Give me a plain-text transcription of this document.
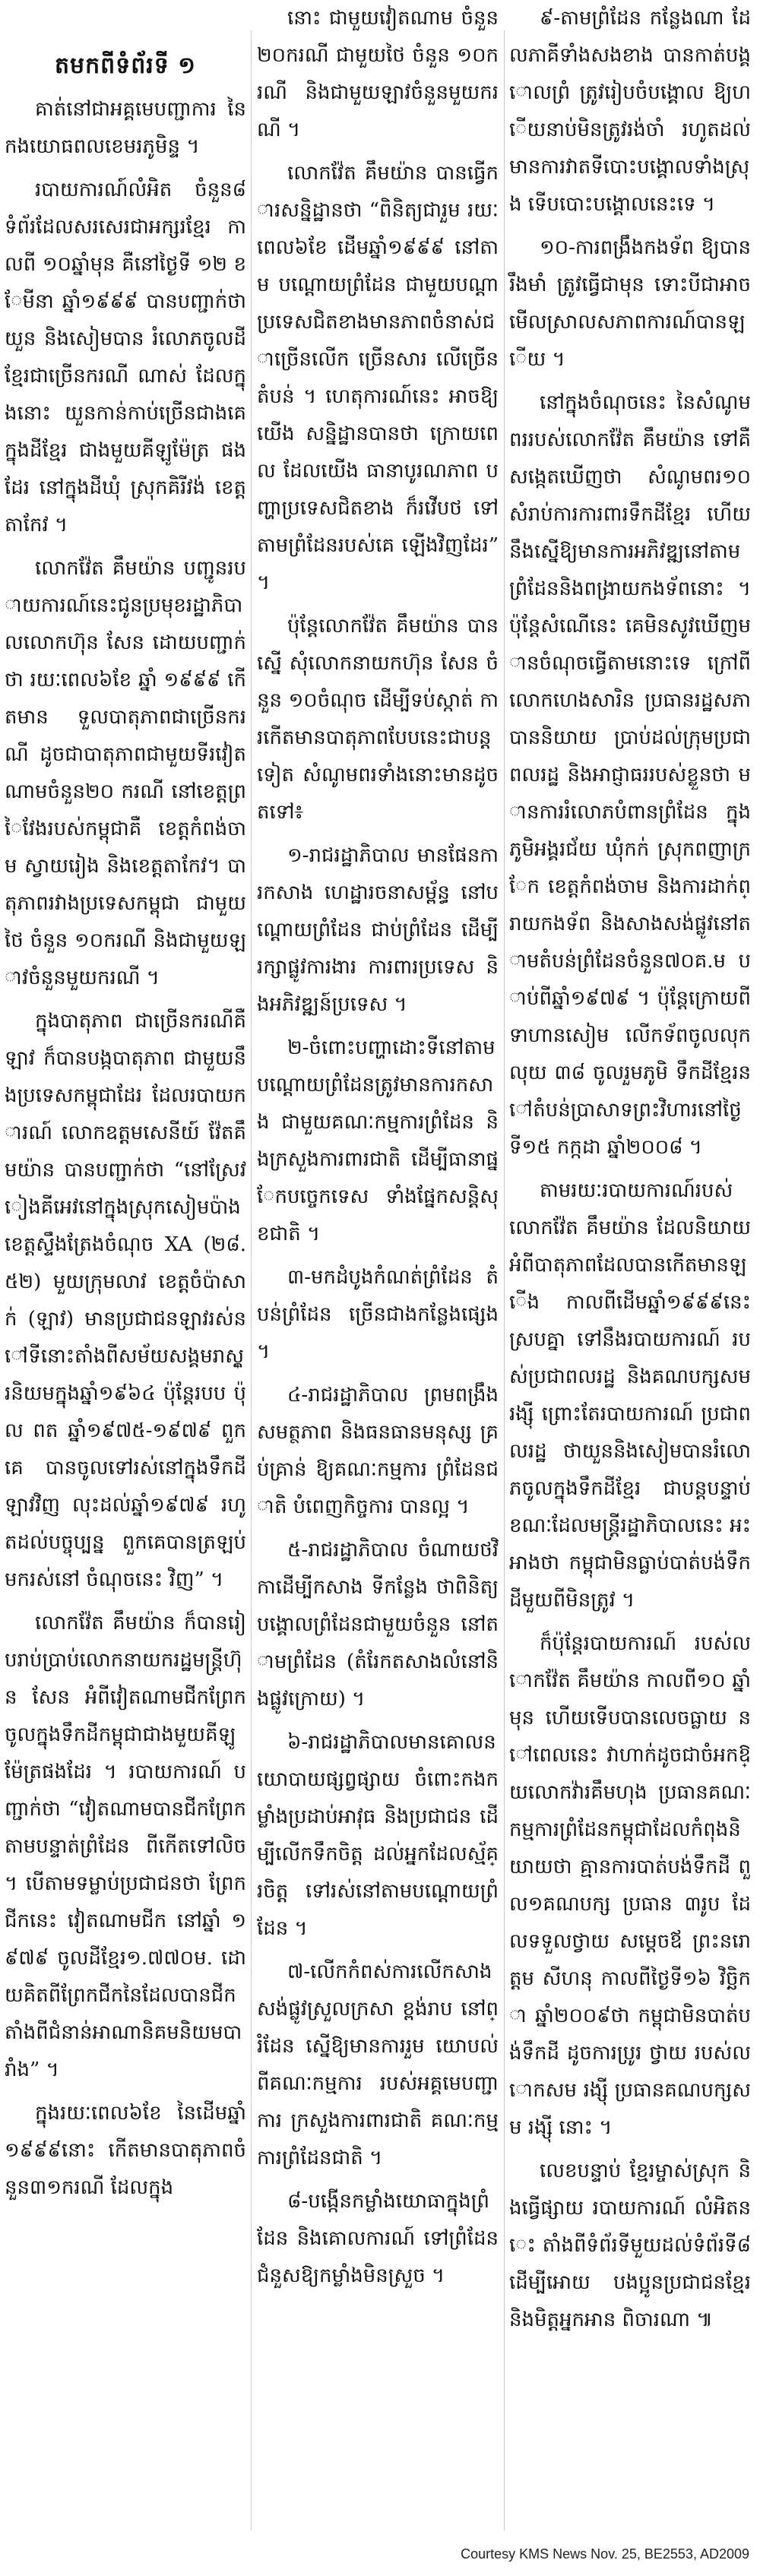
តមកពីទំព័រទី ១

គាត់នៅជាអគ្គមេបញ្ជាការ នៃកងយោធពលខេមរភូមិន្ទ ។

របាយការណ៍លំអិត ចំនួន៨ ទំព័រដែលសរសេរជាអក្សរខ្មែរ កាលពី ១០ឆ្នាំមុន គឺនៅថ្ងៃទី ១២ ខែមីនា ឆ្នាំ១៩៩៩ បានបញ្ជាក់ថា យួន និងសៀមបាន រំលោភចូលដីខ្មែរជាច្រើនករណី ណាស់ ដែលក្នុងនោះ យួនកាន់កាប់ច្រើនជាងគេក្នុងដីខ្មែរ ជាងមួយគីឡូម៉ែត្រ ផងដែរ នៅក្នុងដីឃុំ ស្រុកគិរីវង់ ខេត្តតាកែវ ។

លោកវ៉ែត គឹមយ៉ាន បញ្ជូនរបាយការណ៍នេះជូនប្រមុខរដ្ឋាភិបាលលោកហ៊ុន សែន ដោយបញ្ជាក់ថា រយៈពេល៦ខែ ឆ្នាំ ១៩៩៩ កើតមាន ទួលបាតុភាពជាច្រើនករណី ដូចជាបាតុភាពជាមួយទីរវៀតណាមចំនួន២០ ករណី នៅខេត្តព្រៃវែងរបស់កម្ពុជាគឺ ខេត្តកំពង់ចាម ស្វាយរៀង និងខេត្តតាកែវ។ បាតុភាពរវាងប្រទេសកម្ពុជា ជាមួយថៃ ចំនួន ១០ករណី និងជាមួយឡាវចំនួនមួយករណី ។

ក្នុងបាតុភាព ជាច្រើនករណីគឺឡាវ ក៏បានបង្កបាតុភាព ជាមួយនឹងប្រទេសកម្ពុជាដែរ ដែលរបាយការណ៍ លោកឧត្តមសេនីយ៍ វ៉ែតគឹមយ៉ាន បានបញ្ជាក់ថា “នៅស្រែវៀងគីអេវនៅក្នុងស្រុកសៀមប៉ាង ខេត្តស្ទឹងត្រែងចំណុច XA (២៨.៥២) មួយក្រុមលាវ ខេត្តចំប៉ាសាក់ (ឡាវ) មានប្រជាជនឡាវរស់នៅទីនោះតាំងពីសម័យសង្គមរាស្ត្រនិយមក្នុងឆ្នាំ១៩៦៤ ប៉ុន្តែរបប ប៉ុល ពត ឆ្នាំ១៩៧៥-១៩៧៩ ពួកគេ បានចូលទៅរស់នៅក្នុងទឹកដីឡាវវិញ លុះដល់ឆ្នាំ១៩៧៩ រហូតដល់បច្ចុប្បន្ន ពួកគេបានត្រឡប់ មករស់នៅ ចំណុចនេះ វិញ” ។

លោកវ៉ែត គឹមយ៉ាន ក៏បានរៀបរាប់ប្រាប់លោកនាយករដ្ឋមន្ត្រីហ៊ុន សែន អំពីវៀតណាមជីកព្រែក ចូលក្នុងទឹកដីកម្ពុជាជាងមួយគីឡូម៉ែត្រផងដែរ ។ របាយការណ៍ បញ្ជាក់ថា “វៀតណាមបានជីកព្រែកតាមបន្ទាត់ព្រំដែន ពីកើតទៅលិច ។ បើតាមទម្លាប់ប្រជាជនថា ព្រែកជីកនេះ វៀតណាមជីក នៅឆ្នាំ ១៩៧៩ ចូលដីខ្មែរ១.៧៧០ម. ដោយគិតពីព្រែកជីកនៃដែលបានជីកតាំងពីជំនាន់អាណានិគមនិយមបារាំង” ។

ក្នុងរយៈពេល៦ខែ នៃដើមឆ្នាំ១៩៩៩នោះ កើតមានបាតុភាពចំនួន៣១ករណី ដែលក្នុង

នោះ ជាមួយវៀតណាម ចំនួន ២០ករណី ជាមួយថៃ ចំនួន ១០ករណី និងជាមួយឡាវចំនួនមួយករណី ។

លោកវ៉ែត គឹមយ៉ាន បានធ្វើការសន្និដ្ឋានថា “ពិនិត្យជារួម រយៈពេល៦ខែ ដើមឆ្នាំ១៩៩៩ នៅតាម បណ្តោយព្រំដែន ជាមួយបណ្តាប្រទេសជិតខាងមានភាពចំនាស់ជាច្រើនលើក ច្រើនសារ លើច្រើនតំបន់ ។ ហេតុការណ៍នេះ អាចឱ្យយើង សន្និដ្ឋានបានថា ក្រោយពេល ដែលយើង ធានាបូរណភាព បញ្ហាប្រទេសជិតខាង ក៏រវើបថ ទៅ តាមព្រំដែនរបស់គេ ឡើងវិញដែរ” ។

ប៉ុន្តែលោកវ៉ែត គឹមយ៉ាន បានស្នើ សុំលោកនាយកហ៊ុន សែន ចំនួន ១០ចំណុច ដើម្បីទប់ស្កាត់ ការកើតមានបាតុភាពបែបនេះជាបន្តទៀត សំណូមពរទាំងនោះមានដូចតទៅ៖

១-រាជរដ្ឋាភិបាល មានផែនការកសាង ហេដ្ឋារចនាសម្ព័ន្ធ នៅបណ្តោយព្រំដែន ជាប់ព្រំដែន ដើម្បីរក្សាផ្លូវការងារ ការពារប្រទេស និងអភិវឌ្ឍន៍ប្រទេស ។

២-ចំពោះបញ្ហាដោះទីនៅតាមបណ្តោយព្រំដែនត្រូវមានការកសាង ជាមួយគណៈកម្មការព្រំដែន និងក្រសួងការពារជាតិ ដើម្បីធានាផ្នែកបច្ចេកទេស ទាំងផ្នែកសន្តិសុខជាតិ ។

៣-មកដំបូងកំណត់ព្រំដែន តំបន់ព្រំដែន ច្រើនជាងកន្លែងផ្សេង ។

៤-រាជរដ្ឋាភិបាល ព្រមពង្រឹងសមត្ថភាព និងធនធានមនុស្ស គ្រប់គ្រាន់ ឱ្យគណៈកម្មការ ព្រំដែនជាតិ បំពេញកិច្ចការ បានល្អ ។

៥-រាជរដ្ឋាភិបាល ចំណាយថវិកាដើម្បីកសាង ទីកន្លែង ថាពិនិត្យ បង្គោលព្រំដែនជាមួយចំនួន នៅតាមព្រំដែន (តំរែកតសាងលំនៅនិងផ្លូវក្រោយ) ។

៦-រាជរដ្ឋាភិបាលមានគោលនយោបាយផ្សព្វផ្សាយ ចំពោះកងកម្លាំងប្រដាប់អាវុធ និងប្រជាជន ដើម្បីលើកទឹកចិត្ត ដល់អ្នកដែលស្ម័គ្រចិត្ត ទៅរស់នៅតាមបណ្តោយព្រំដែន ។

៧-លើកកំពស់ការលើកសាងសង់ផ្លូវស្រួលក្រសា ខ្ពង់រាប នៅព្រំដែន ស្នើឱ្យមានការរួម យោបល់ពីគណៈកម្មការ របស់អគ្គមេបញ្ជាការ ក្រសួងការពារជាតិ គណៈកម្មការព្រំដែនជាតិ ។

៨-បង្កើនកម្លាំងយោធាក្នុងព្រំដែន និងគោលការណ៍ ទៅព្រំដែន ជំនួសឱ្យកម្លាំងមិនស្រួច ។

៩-តាមព្រំដែន កន្លែងណា ដែលភាគីទាំងសងខាង បានកាត់បង្គោលព្រំ ត្រូវរៀបចំបង្គោល ឱ្យហើយនាប់មិនត្រូវរង់ចាំ រហូតដល់មានការវាតទីបោះបង្គោលទាំងស្រុង ទើបបោះបង្គោលនេះទេ ។

១០-ការពង្រឹងកងទ័ព ឱ្យបានរឹងមាំ ត្រូវធ្វើជាមុន ទោះបីជាអាចមើលស្រាលសភាពការណ៍បានឡើយ ។

នៅក្នុងចំណុចនេះ នៃសំណូមពររបស់លោកវ៉ែត គឹមយ៉ាន ទៅគឺសង្កេតឃើញថា សំណូមពរ១០ សំរាប់ការការពារទឹកដីខ្មែរ ហើយនឹងស្នើឱ្យមានការអភិវឌ្ឍនៅតាមព្រំដែននិងពង្រាយកងទ័ពនោះ ។ ប៉ុន្តែសំណើនេះ គេមិនសូវឃើញមានចំណុចធ្វើតាមនោះទេ ក្រៅពីលោកហេងសារិន ប្រធានរដ្ឋសភា បាននិយាយ ប្រាប់ដល់ក្រុមប្រជាពលរដ្ឋ និងអាជ្ញាធររបស់ខ្លួនថា មានការរំលោភបំពានព្រំដែន ក្នុងភូមិអង្គរជ័យ ឃុំកក់ ស្រុកពញាក្រែក ខេត្តកំពង់ចាម និងការដាក់ព្រាយកងទ័ព និងសាងសង់ផ្លូវនៅតាមតំបន់ព្រំដែនចំនួន៧០គ.ម បាប់ពីឆ្នាំ១៩៧៩ ។ ប៉ុន្តែក្រោយពីទាហានសៀម លើកទ័ពចូលលុកលុយ ៣៨ ចូលរួមភូមិ ទឹកដីខ្មែរនៅតំបន់ប្រាសាទព្រះវិហារនៅថ្ងៃទី១៥ កក្កដា ឆ្នាំ២០០៨ ។

តាមរយៈរបាយការណ៍របស់លោកវ៉ែត គឹមយ៉ាន ដែលនិយាយ អំពីបាតុភាពដែលបានកើតមានឡើង កាលពីដើមឆ្នាំ១៩៩៩នេះ ស្របគ្នា ទៅនឹងរបាយការណ៍ របស់ប្រជាពលរដ្ឋ និងគណបក្សសម រង្ស៊ី ព្រោះតែរបាយការណ៍ ប្រជាពលរដ្ឋ ថាយួននិងសៀមបានរំលោភចូលក្នុងទឹកដីខ្មែរ ជាបន្តបន្ទាប់ ខណៈដែលមន្ត្រីរដ្ឋាភិបាលនេះ អះអាងថា កម្ពុជាមិនធ្លាប់បាត់បង់ទឹកដីមួយពីមិនត្រូវ ។

ក៏ប៉ុន្តែរបាយការណ៍ របស់លោកវ៉ែត គឹមយ៉ាន កាលពី១០ ឆ្នាំមុន ហើយទើបបានលេចធ្លាយ នៅពេលនេះ វាហាក់ដូចជាចំអកឱ្យលោកវ៉ារគឹមហុង ប្រធានគណៈកម្មការព្រំដែនកម្ពុជាដែលកំពុងនិយាយថា គ្មានការបាត់បង់ទឹកដី ពួល១គណបក្ស ប្រធាន ៣រូប ដែលទទួលថ្វាយ សម្តេចឪ ព្រះនរោត្តម សីហនុ កាលពីថ្ងៃទី១៦ វិច្ឆិកា ឆ្នាំ២០០៩ថា កម្ពុជាមិនបាត់បង់ទឹកដី ដូចការប្រូរ ថ្វាយ របស់លោកសម រង្ស៊ី ប្រធានគណបក្សសម រង្ស៊ី នោះ ។

លេខបន្ទាប់ ខ្មែរម្ចាស់ស្រុក និងធ្វើផ្សាយ របាយការណ៍ លំអិតនេះ តាំងពីទំព័រទីមួយដល់ទំព័រទី៨ ដើម្បីអោយ បងប្អូនប្រជាជនខ្មែរ និងមិត្តអ្នកអាន ពិចារណា ៕

Courtesy KMS News Nov. 25, BE2553, AD2009
